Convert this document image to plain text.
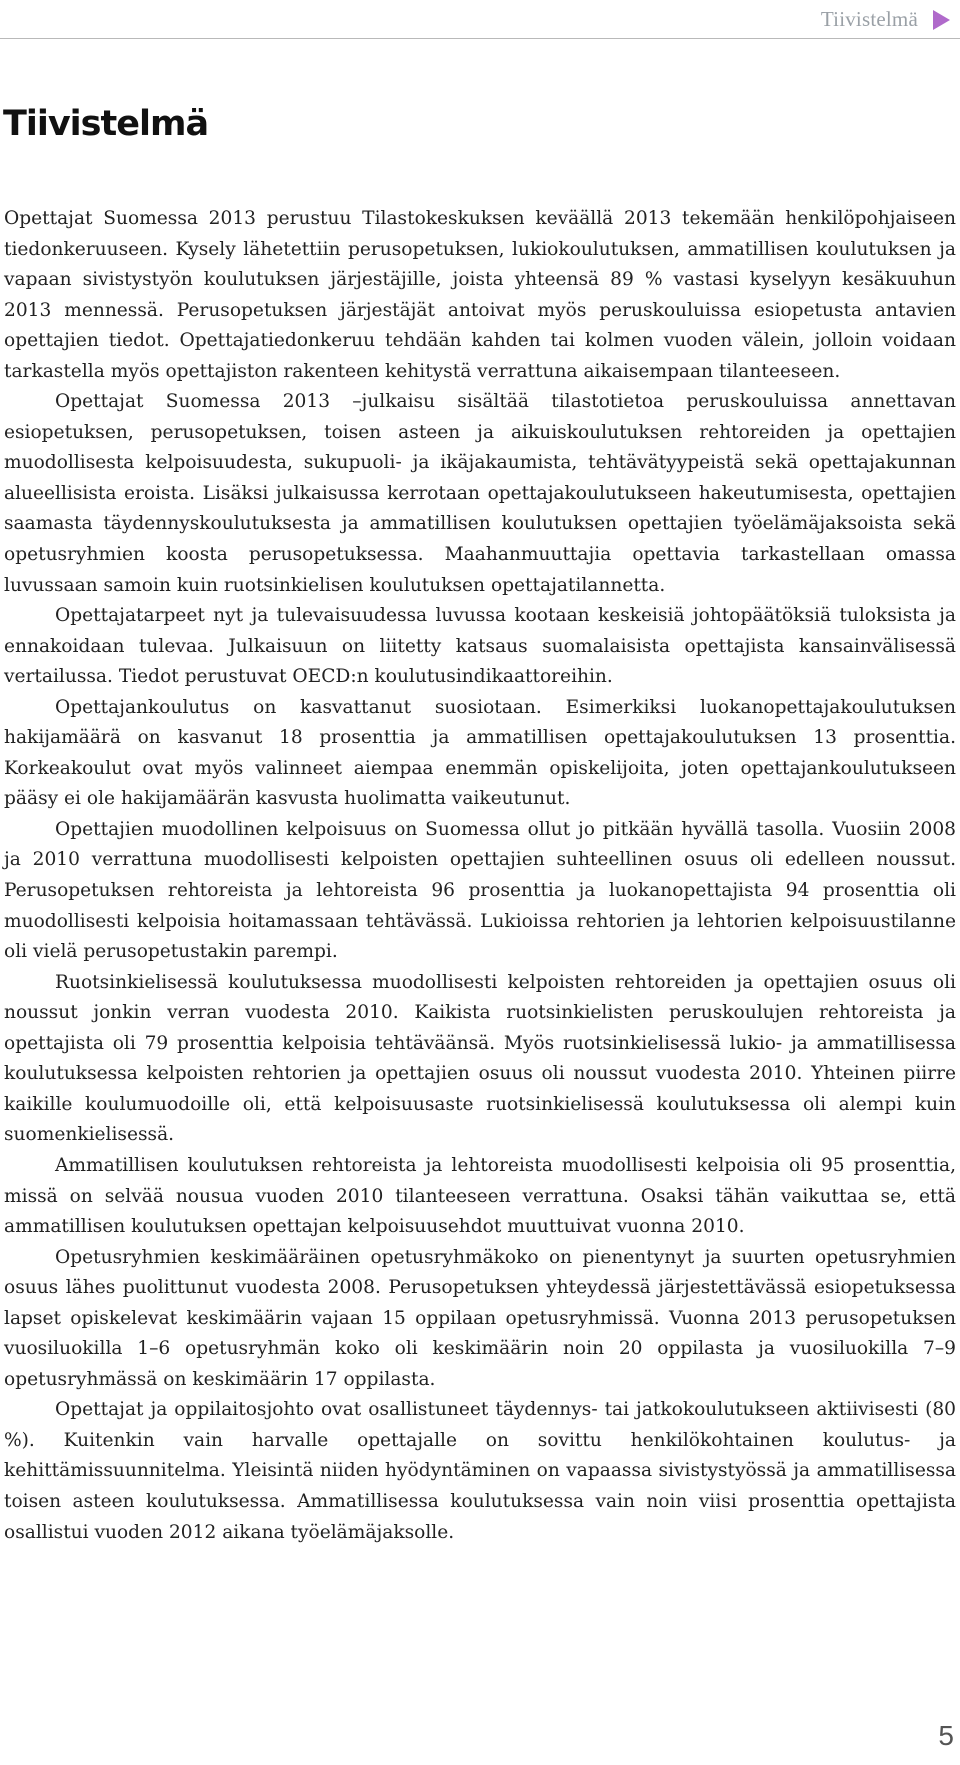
Tiivistelmä
Tiivistelmä

Opettajat Suomessa 2013 perustuu Tilastokeskuksen keväällä 2013 tekemään henkilöpohjaiseen tiedonkeruuseen. Kysely lähetettiin perusopetuksen, lukiokoulutuksen, ammatillisen koulutuksen ja vapaan sivistystyön koulutuksen järjestäjille, joista yhteensä 89 % vastasi kyselyyn kesäkuuhun 2013 mennessä. Perusopetuksen järjestäjät antoivat myös peruskouluissa esiopetusta antavien opettajien tiedot. Opettajatiedonkeruu tehdään kahden tai kolmen vuoden välein, jolloin voidaan tarkastella myös opettajiston rakenteen kehitystä verrattuna aikaisempaan tilanteeseen.

Opettajat Suomessa 2013 –julkaisu sisältää tilastotietoa peruskouluissa annettavan esiopetuksen, perusopetuksen, toisen asteen ja aikuiskoulutuksen rehtoreiden ja opettajien muodollisesta kelpoisuudesta, sukupuoli- ja ikäjakaumista, tehtävätyypeistä sekä opettajakunnan alueellisista eroista. Lisäksi julkaisussa kerrotaan opettajakoulutukseen hakeutumisesta, opettajien saamasta täydennyskoulutuksesta ja ammatillisen koulutuksen opettajien työelämäjaksoista sekä opetusryhmien koosta perusopetuksessa. Maahanmuuttajia opettavia tarkastellaan omassa luvussaan samoin kuin ruotsinkielisen koulutuksen opettajatilannetta.

Opettajatarpeet nyt ja tulevaisuudessa luvussa kootaan keskeisiä johtopäätöksiä tuloksista ja ennakoidaan tulevaa. Julkaisuun on liitetty katsaus suomalaisista opettajista kansainvälisessä vertailussa. Tiedot perustuvat OECD:n koulutusindikaattoreihin.

Opettajankoulutus on kasvattanut suosiotaan. Esimerkiksi luokanopettajakoulutuksen hakijamäärä on kasvanut 18 prosenttia ja ammatillisen opettajakoulutuksen 13 prosenttia. Korkeakoulut ovat myös valinneet aiempaa enemmän opiskelijoita, joten opettajankoulutukseen pääsy ei ole hakijamäärän kasvusta huolimatta vaikeutunut.

Opettajien muodollinen kelpoisuus on Suomessa ollut jo pitkään hyvällä tasolla. Vuosiin 2008 ja 2010 verrattuna muodollisesti kelpoisten opettajien suhteellinen osuus oli edelleen noussut. Perusopetuksen rehtoreista ja lehtoreista 96 prosenttia ja luokanopettajista 94 prosenttia oli muodollisesti kelpoisia hoitamassaan tehtävässä. Lukioissa rehtorien ja lehtorien kelpoisuustilanne oli vielä perusopetustakin parempi.

Ruotsinkielisessä koulutuksessa muodollisesti kelpoisten rehtoreiden ja opettajien osuus oli noussut jonkin verran vuodesta 2010. Kaikista ruotsinkielisten peruskoulujen rehtoreista ja opettajista oli 79 prosenttia kelpoisia tehtäväänsä. Myös ruotsinkielisessä lukio- ja ammatillisessa koulutuksessa kelpoisten rehtorien ja opettajien osuus oli noussut vuodesta 2010. Yhteinen piirre kaikille koulumuodoille oli, että kelpoisuusaste ruotsinkielisessä koulutuksessa oli alempi kuin suomenkielisessä.

Ammatillisen koulutuksen rehtoreista ja lehtoreista muodollisesti kelpoisia oli 95 prosenttia, missä on selvää nousua vuoden 2010 tilanteeseen verrattuna. Osaksi tähän vaikuttaa se, että ammatillisen koulutuksen opettajan kelpoisuusehdot muuttuivat vuonna 2010.

Opetusryhmien keskimääräinen opetusryhmäkoko on pienentynyt ja suurten opetusryhmien osuus lähes puolittunut vuodesta 2008. Perusopetuksen yhteydessä järjestettävässä esiopetuksessa lapset opiskelevat keskimäärin vajaan 15 oppilaan opetusryhmissä. Vuonna 2013 perusopetuksen vuosiluokilla 1–6 opetusryhmän koko oli keskimäärin noin 20 oppilasta ja vuosiluokilla 7–9 opetusryhmässä on keskimäärin 17 oppilasta.

Opettajat ja oppilaitosjohto ovat osallistuneet täydennys- tai jatkokoulutukseen aktiivisesti (80 %). Kuitenkin vain harvalle opettajalle on sovittu henkilökohtainen koulutus- ja kehittämissuunnitelma. Yleisintä niiden hyödyntäminen on vapaassa sivistystyössä ja ammatillisessa toisen asteen koulutuksessa. Ammatillisessa koulutuksessa vain noin viisi prosenttia opettajista osallistui vuoden 2012 aikana työelämäjaksolle.

5
